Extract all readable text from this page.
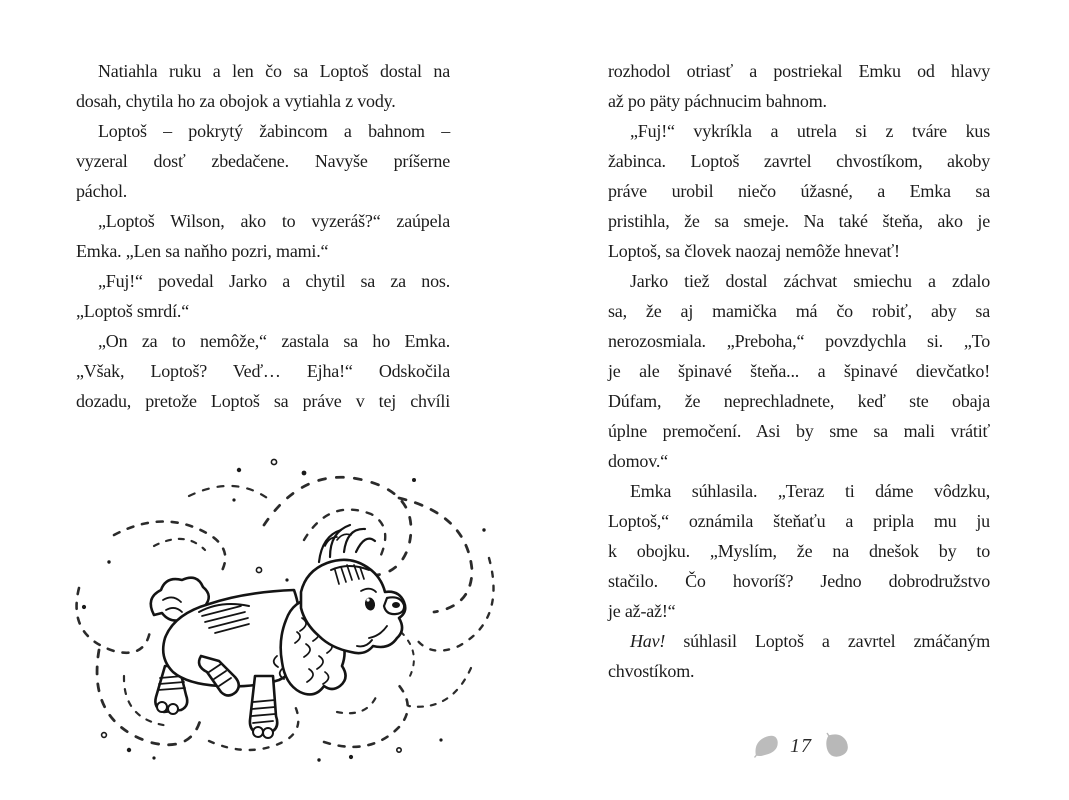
Natiahla ruku a len čo sa Loptoš dostal na
dosah, chytila ho za obojok a vytiahla z vody.
Loptoš – pokrytý žabincom a bahnom –
vyzeral dosť zbedačene. Navyše príšerne
páchol.
„Loptoš Wilson, ako to vyzeráš?“ zaúpela
Emka. „Len sa naňho pozri, mami.“
„Fuj!“ povedal Jarko a chytil sa za nos.
„Loptoš smrdí.“
„On za to nemôže,“ zastala sa ho Emka.
„Však, Loptoš? Veď… Ejha!“ Odskočila
dozadu, pretože Loptoš sa práve v tej chvíli
rozhodol otriasť a postriekal Emku od hlavy
až po päty páchnucim bahnom.
„Fuj!“ vykríkla a utrela si z tváre kus
žabinca. Loptoš zavrtel chvostíkom, akoby
práve urobil niečo úžasné, a Emka sa
pristihla, že sa smeje. Na také šteňa, ako je
Loptoš, sa človek naozaj nemôže hnevať!
Jarko tiež dostal záchvat smiechu a zdalo
sa, že aj mamička má čo robiť, aby sa
nerozosmiala. „Preboha,“ povzdychla si. „To
je ale špinavé šteňa... a špinavé dievčatko!
Dúfam, že neprechladnete, keď ste obaja
úplne premočení. Asi by sme sa mali vrátiť
domov.“
Emka súhlasila. „Teraz ti dáme vôdzku,
Loptoš,“ oznámila šteňaťu a pripla mu ju
k obojku. „Myslím, že na dnešok by to
stačilo. Čo hovoríš? Jedno dobrodružstvo
je až-až!“
Hav! súhlasil Loptoš a zavrtel zmáčaným
chvostíkom.
17
